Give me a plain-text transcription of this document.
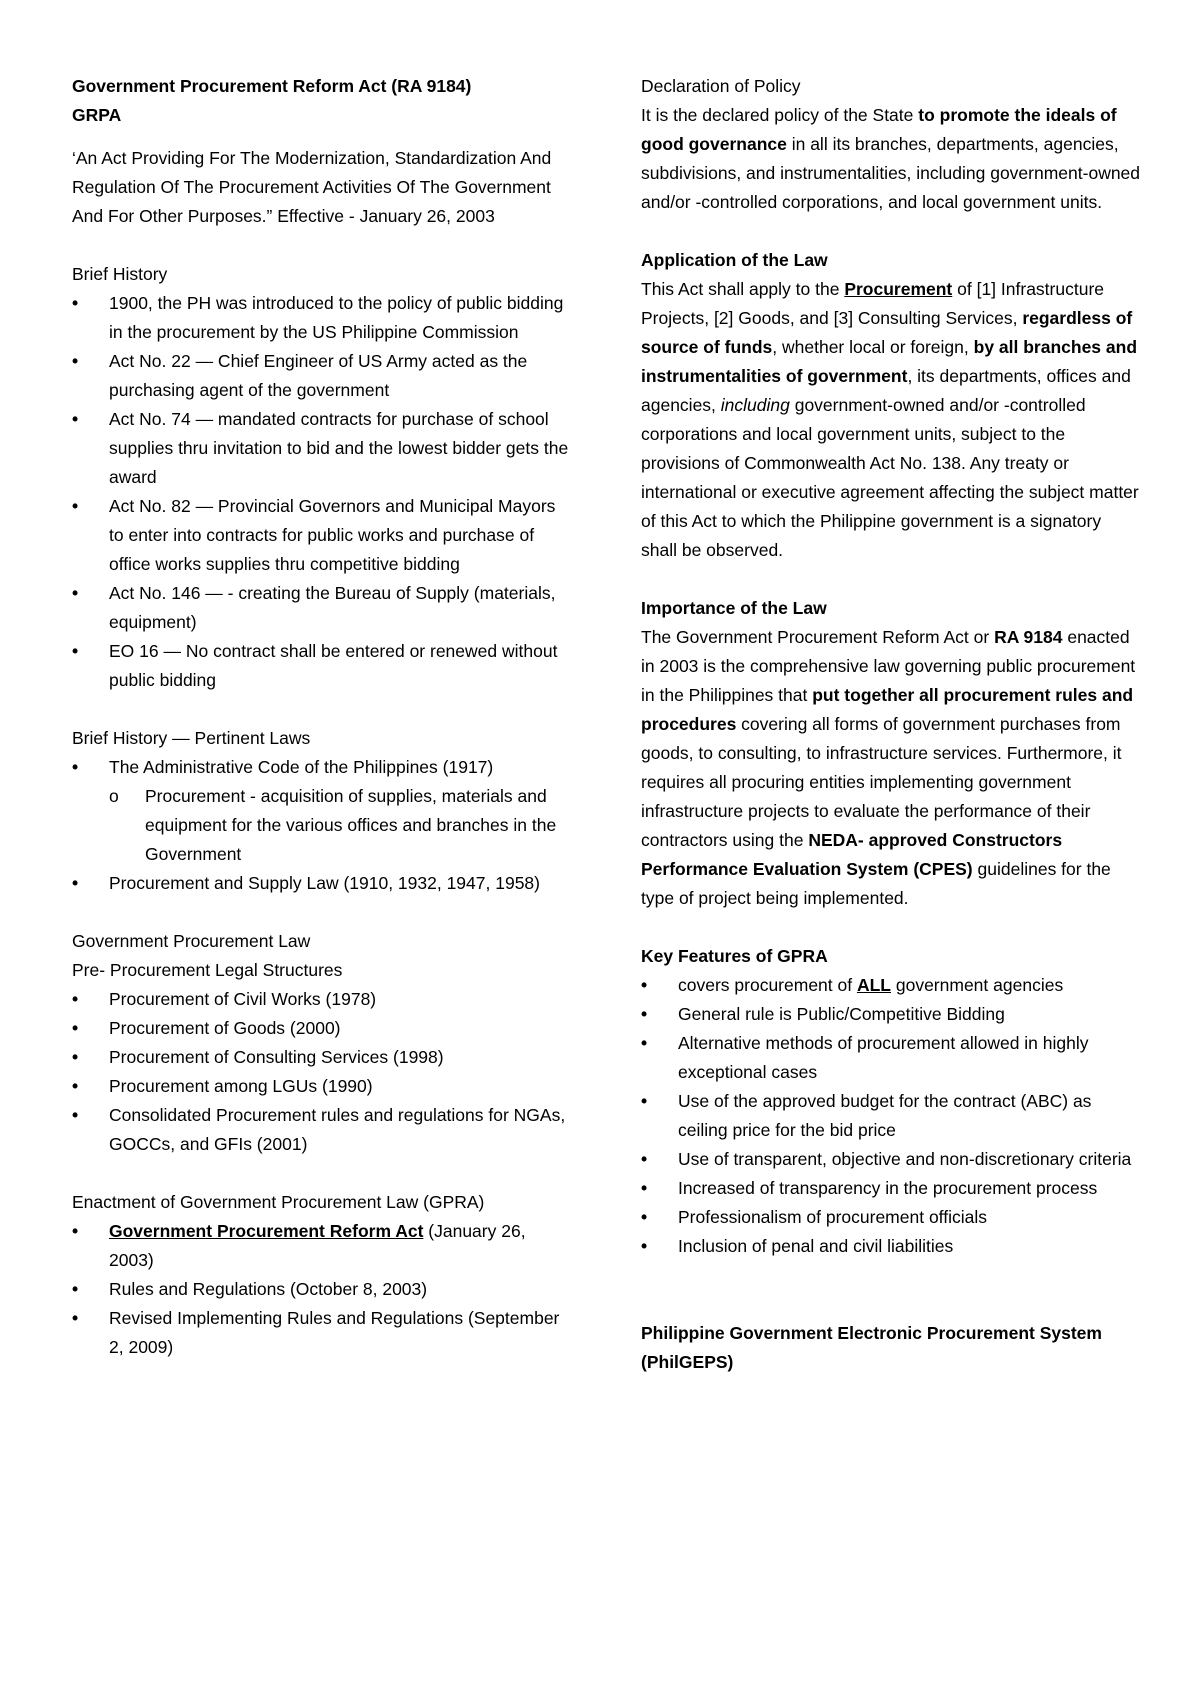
Government Procurement Reform Act (RA 9184)
GRPA
‘An Act Providing For The Modernization, Standardization And Regulation Of The Procurement Activities Of The Government And For Other Purposes.” Effective - January 26, 2003
Brief History
• 1900, the PH was introduced to the policy of public bidding in the procurement by the US Philippine Commission
• Act No. 22 — Chief Engineer of US Army acted as the purchasing agent of the government
• Act No. 74 — mandated contracts for purchase of school supplies thru invitation to bid and the lowest bidder gets the award
• Act No. 82 — Provincial Governors and Municipal Mayors to enter into contracts for public works and purchase of office works supplies thru competitive bidding
• Act No. 146 — - creating the Bureau of Supply (materials, equipment)
• EO 16 — No contract shall be entered or renewed without public bidding
Brief History — Pertinent Laws
• The Administrative Code of the Philippines (1917)
o Procurement - acquisition of supplies, materials and equipment for the various offices and branches in the Government
• Procurement and Supply Law (1910, 1932, 1947, 1958)
Government Procurement Law
Pre- Procurement Legal Structures
• Procurement of Civil Works (1978)
• Procurement of Goods (2000)
• Procurement of Consulting Services (1998)
• Procurement among LGUs (1990)
• Consolidated Procurement rules and regulations for NGAs, GOCCs, and GFIs (2001)
Enactment of Government Procurement Law (GPRA)
• Government Procurement Reform Act (January 26, 2003)
• Rules and Regulations (October 8, 2003)
• Revised Implementing Rules and Regulations (September 2, 2009)
Declaration of Policy
It is the declared policy of the State to promote the ideals of good governance in all its branches, departments, agencies, subdivisions, and instrumentalities, including government-owned and/or -controlled corporations, and local government units.
Application of the Law
This Act shall apply to the Procurement of [1] Infrastructure Projects, [2] Goods, and [3] Consulting Services, regardless of source of funds, whether local or foreign, by all branches and instrumentalities of government, its departments, offices and agencies, including government-owned and/or -controlled corporations and local government units, subject to the provisions of Commonwealth Act No. 138. Any treaty or international or executive agreement affecting the subject matter of this Act to which the Philippine government is a signatory shall be observed.
Importance of the Law
The Government Procurement Reform Act or RA 9184 enacted in 2003 is the comprehensive law governing public procurement in the Philippines that put together all procurement rules and procedures covering all forms of government purchases from goods, to consulting, to infrastructure services. Furthermore, it requires all procuring entities implementing government infrastructure projects to evaluate the performance of their contractors using the NEDA- approved Constructors Performance Evaluation System (CPES) guidelines for the type of project being implemented.
Key Features of GPRA
• covers procurement of ALL government agencies
• General rule is Public/Competitive Bidding
• Alternative methods of procurement allowed in highly exceptional cases
• Use of the approved budget for the contract (ABC) as ceiling price for the bid price
• Use of transparent, objective and non-discretionary criteria
• Increased of transparency in the procurement process
• Professionalism of procurement officials
• Inclusion of penal and civil liabilities
Philippine Government Electronic Procurement System (PhilGEPS)
